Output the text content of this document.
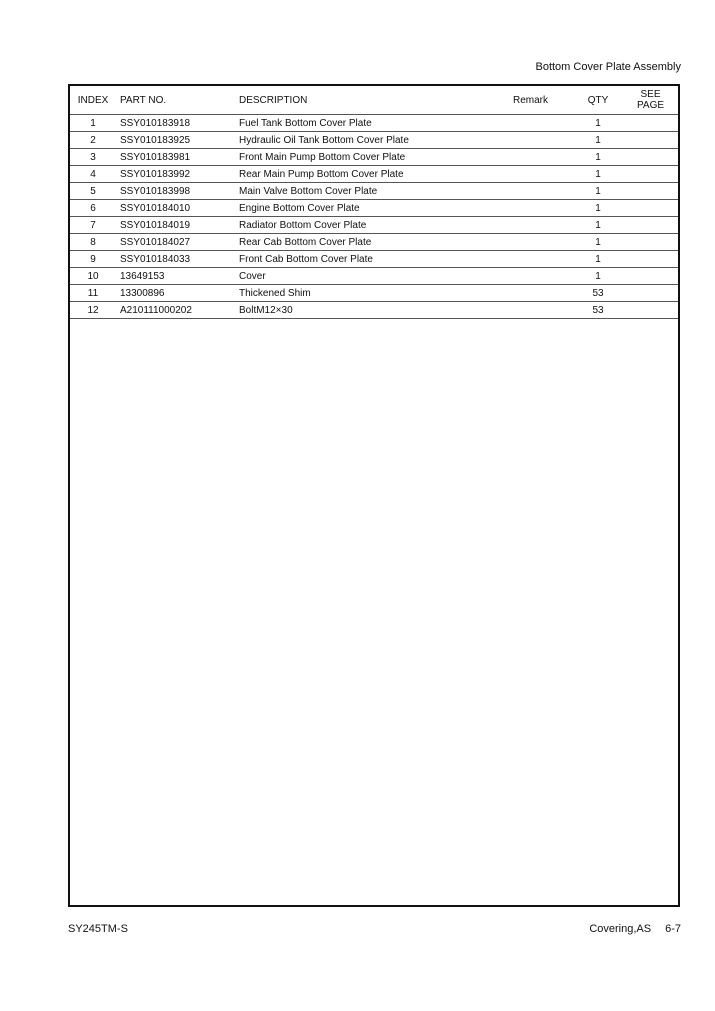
Bottom Cover Plate Assembly
INDEX	PART NO.	DESCRIPTION	Remark	QTY	SEE
PAGE

1	SSY010183918	Fuel Tank Bottom Cover Plate		1	
2	SSY010183925	Hydraulic Oil Tank Bottom Cover Plate		1	
3	SSY010183981	Front Main Pump Bottom Cover Plate		1	
4	SSY010183992	Rear Main Pump Bottom Cover Plate		1	
5	SSY010183998	Main Valve Bottom Cover Plate		1	
6	SSY010184010	Engine Bottom Cover Plate		1	
7	SSY010184019	Radiator Bottom Cover Plate		1	
8	SSY010184027	Rear Cab Bottom Cover Plate		1	
9	SSY010184033	Front Cab Bottom Cover Plate		1	
10	13649153	Cover		1	
11	13300896	Thickened Shim		53	
12	A210111000202	BoltM12×30		53	
SY245TM-S	Covering,AS 6-7
